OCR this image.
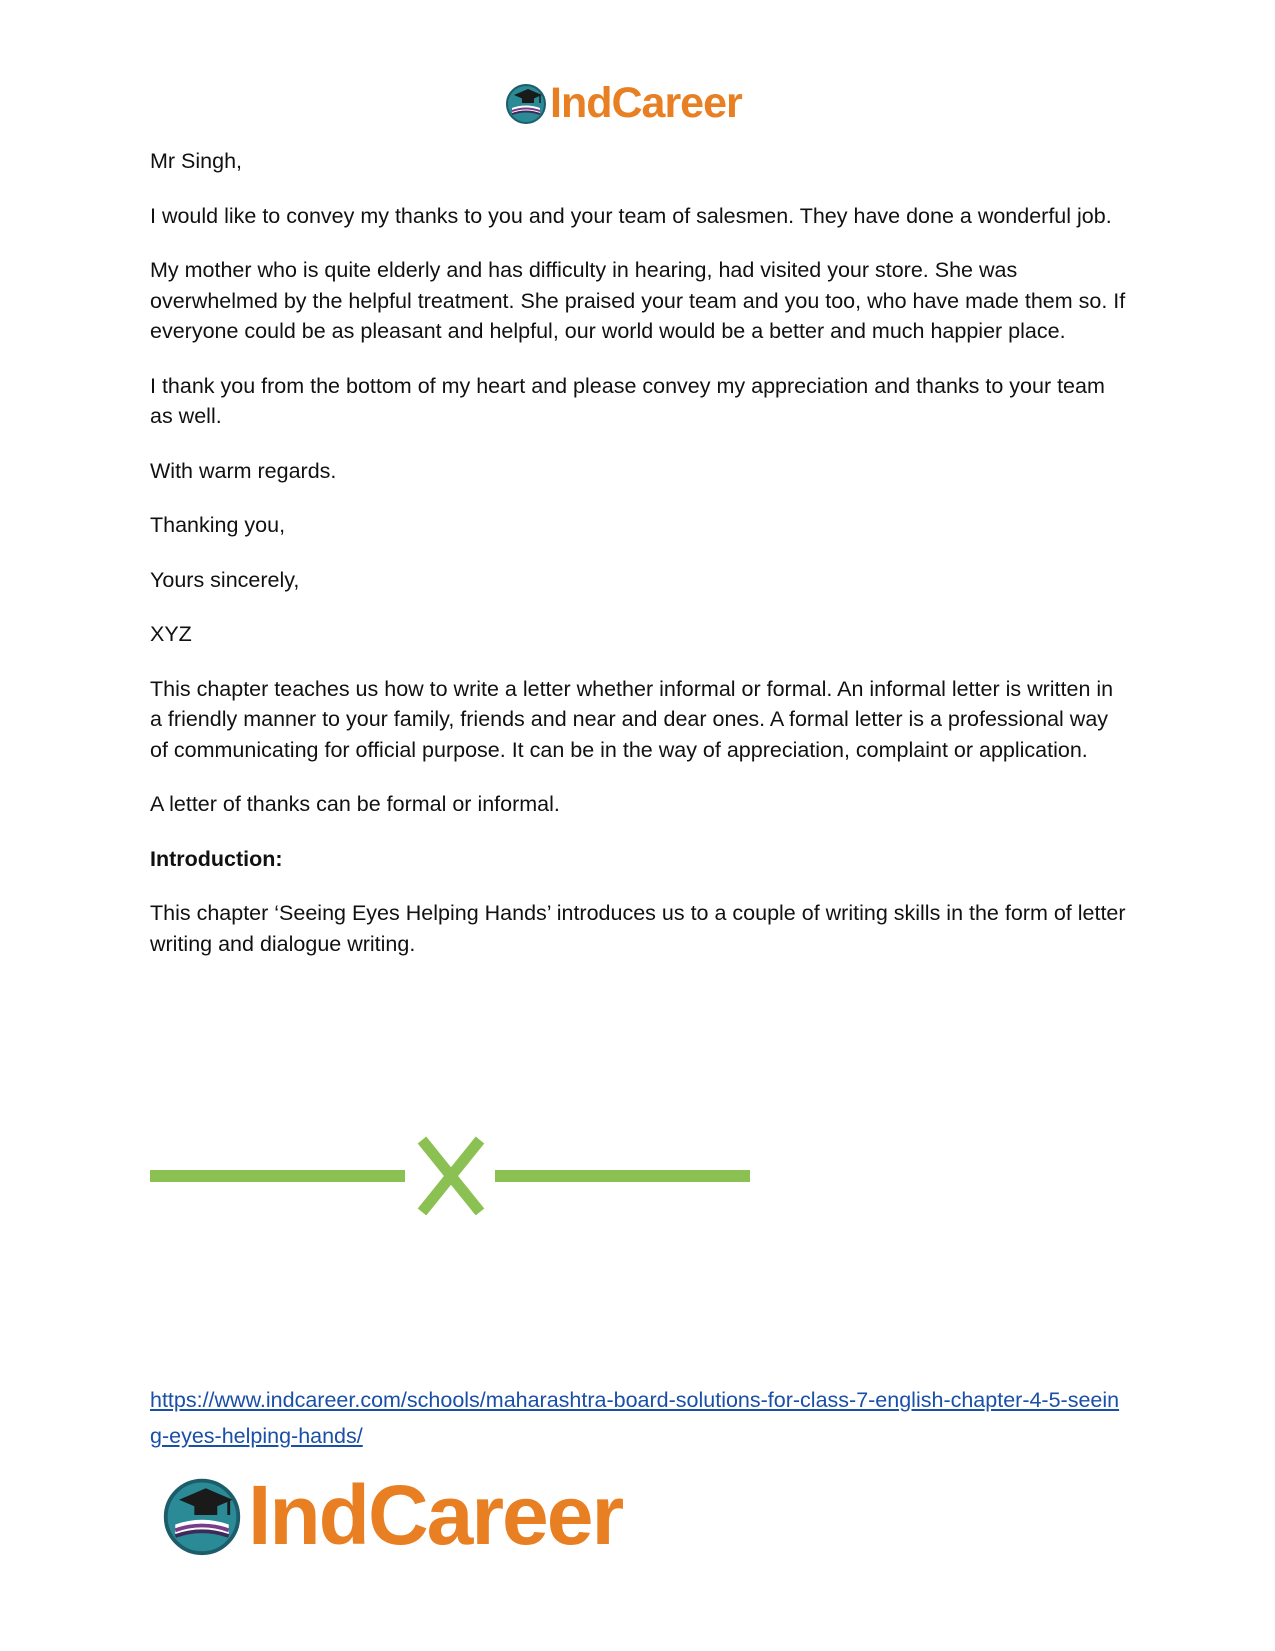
IndCareer

Mr Singh,

I would like to convey my thanks to you and your team of salesmen. They have done a wonderful job.

My mother who is quite elderly and has difficulty in hearing, had visited your store. She was overwhelmed by the helpful treatment. She praised your team and you too, who have made them so. If everyone could be as pleasant and helpful, our world would be a better and much happier place.

I thank you from the bottom of my heart and please convey my appreciation and thanks to your team as well.

With warm regards.

Thanking you,

Yours sincerely,

XYZ

This chapter teaches us how to write a letter whether informal or formal. An informal letter is written in a friendly manner to your family, friends and near and dear ones. A formal letter is a professional way of communicating for official purpose. It can be in the way of appreciation, complaint or application.

A letter of thanks can be formal or informal.

Introduction:

This chapter ‘Seeing Eyes Helping Hands’ introduces us to a couple of writing skills in the form of letter writing and dialogue writing.

https://www.indcareer.com/schools/maharashtra-board-solutions-for-class-7-english-chapter-4-5-seeing-eyes-helping-hands/
IndCareer
